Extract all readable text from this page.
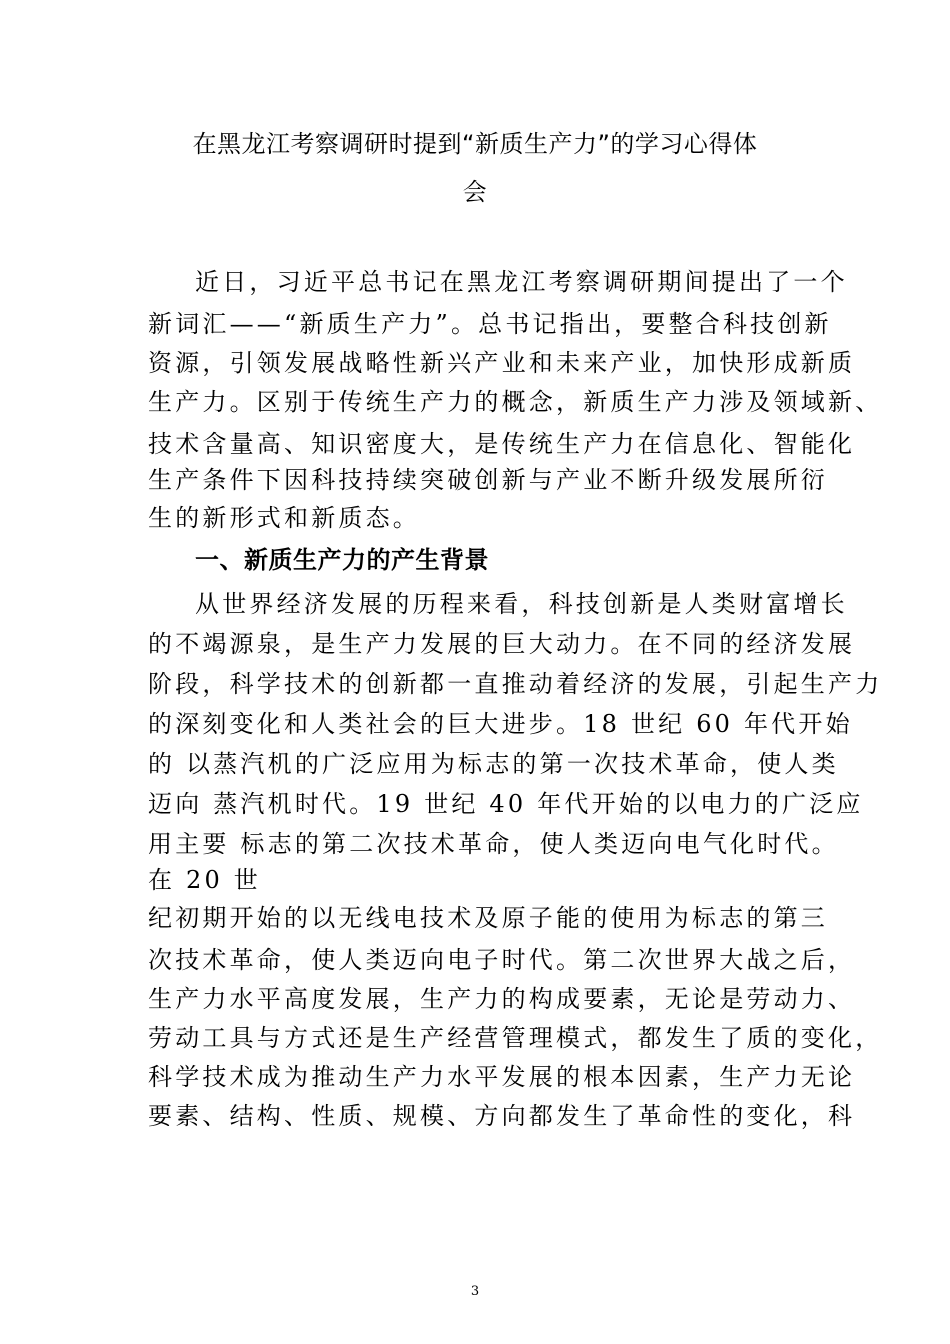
在黑龙江考察调研时提到“新质生产力”的学习心得体
会
近日，习近平总书记在黑龙江考察调研期间提出了一个
新词汇——“新质生产力”。总书记指出，要整合科技创新
资源，引领发展战略性新兴产业和未来产业，加快形成新质
生产力。区别于传统生产力的概念，新质生产力涉及领域新、
技术含量高、知识密度大，是传统生产力在信息化、智能化
生产条件下因科技持续突破创新与产业不断升级发展所衍
生的新形式和新质态。
一、新质生产力的产生背景
从世界经济发展的历程来看，科技创新是人类财富增长
的不竭源泉，是生产力发展的巨大动力。在不同的经济发展
阶段，科学技术的创新都一直推动着经济的发展，引起生产力
的深刻变化和人类社会的巨大进步。18 世纪 60 年代开始
的 以蒸汽机的广泛应用为标志的第一次技术革命，使人类
迈向 蒸汽机时代。19 世纪 40 年代开始的以电力的广泛应
用主要 标志的第二次技术革命，使人类迈向电气化时代。
在 20 世
纪初期开始的以无线电技术及原子能的使用为标志的第三
次技术革命，使人类迈向电子时代。第二次世界大战之后，
生产力水平高度发展，生产力的构成要素，无论是劳动力、
劳动工具与方式还是生产经营管理模式，都发生了质的变化，
科学技术成为推动生产力水平发展的根本因素，生产力无论
要素、结构、性质、规模、方向都发生了革命性的变化，科
3
